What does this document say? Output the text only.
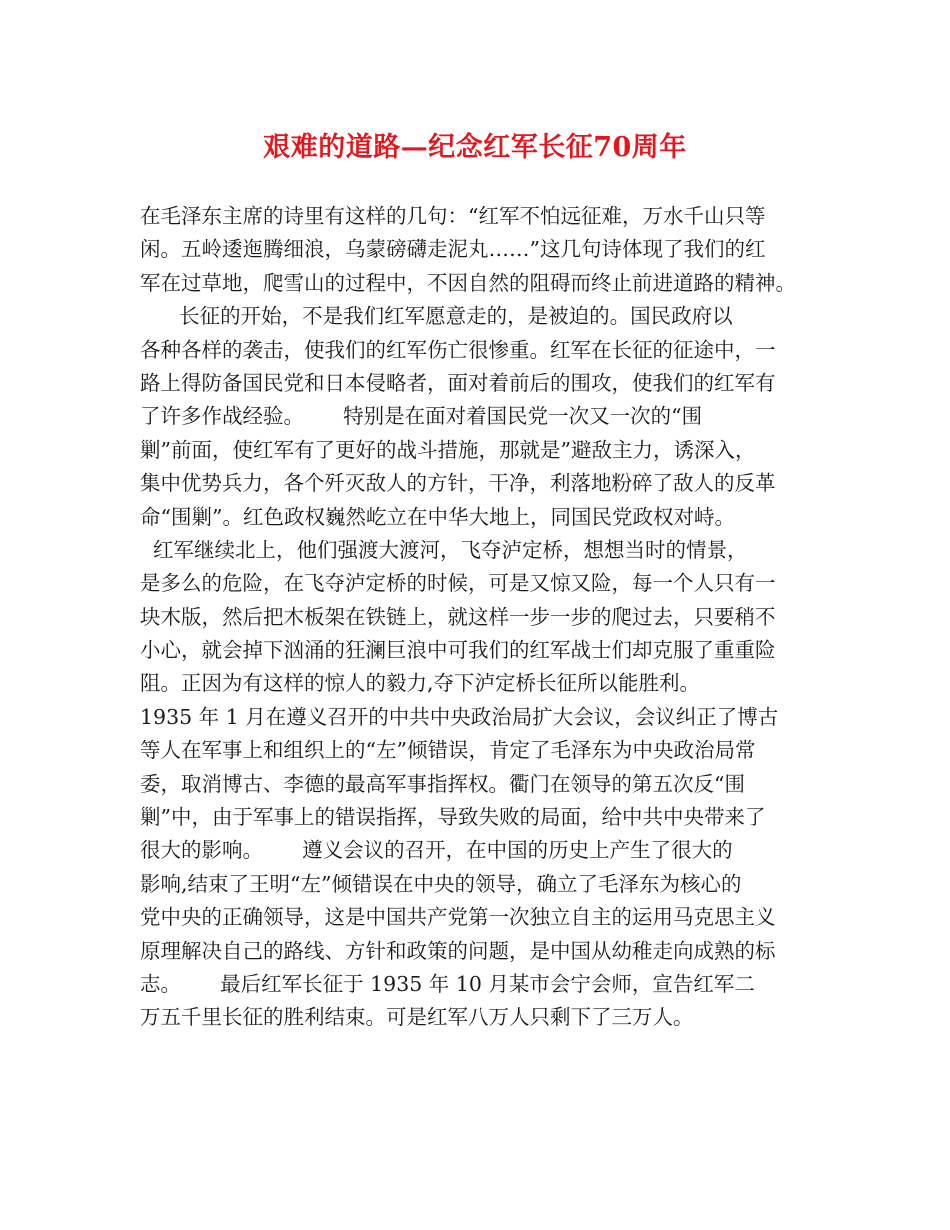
艰难的道路—纪念红军长征70周年
在毛泽东主席的诗里有这样的几句：“红军不怕远征难，万水千山只等
闲。五岭逶迤腾细浪，乌蒙磅礴走泥丸……”这几句诗体现了我们的红
军在过草地，爬雪山的过程中，不因自然的阻碍而终止前进道路的精神。
长征的开始，不是我们红军愿意走的，是被迫的。国民政府以
各种各样的袭击，使我们的红军伤亡很惨重。红军在长征的征途中，一
路上得防备国民党和日本侵略者，面对着前后的围攻，使我们的红军有
了许多作战经验。      特别是在面对着国民党一次又一次的“围
剿”前面，使红军有了更好的战斗措施，那就是”避敌主力，诱深入，
集中优势兵力，各个歼灭敌人的方针，干净，利落地粉碎了敌人的反革
命“围剿”。红色政权巍然屹立在中华大地上，同国民党政权对峙。
红军继续北上，他们强渡大渡河，飞夺泸定桥，想想当时的情景，
是多么的危险，在飞夺泸定桥的时候，可是又惊又险，每一个人只有一
块木版，然后把木板架在铁链上，就这样一步一步的爬过去，只要稍不
小心，就会掉下汹涌的狂澜巨浪中可我们的红军战士们却克服了重重险
阻。正因为有这样的惊人的毅力,夺下泸定桥长征所以能胜利。
1935 年 1 月在遵义召开的中共中央政治局扩大会议，会议纠正了博古
等人在军事上和组织上的“左”倾错误，肯定了毛泽东为中央政治局常
委，取消博古、李德的最高军事指挥权。衢门在领导的第五次反“围
剿”中，由于军事上的错误指挥，导致失败的局面，给中共中央带来了
很大的影响。      遵义会议的召开，在中国的历史上产生了很大的
影响,结束了王明“左”倾错误在中央的领导，确立了毛泽东为核心的
党中央的正确领导，这是中国共产党第一次独立自主的运用马克思主义
原理解决自己的路线、方针和政策的问题，是中国从幼稚走向成熟的标
志。      最后红军长征于 1935 年 10 月某市会宁会师，宣告红军二
万五千里长征的胜利结束。可是红军八万人只剩下了三万人。
